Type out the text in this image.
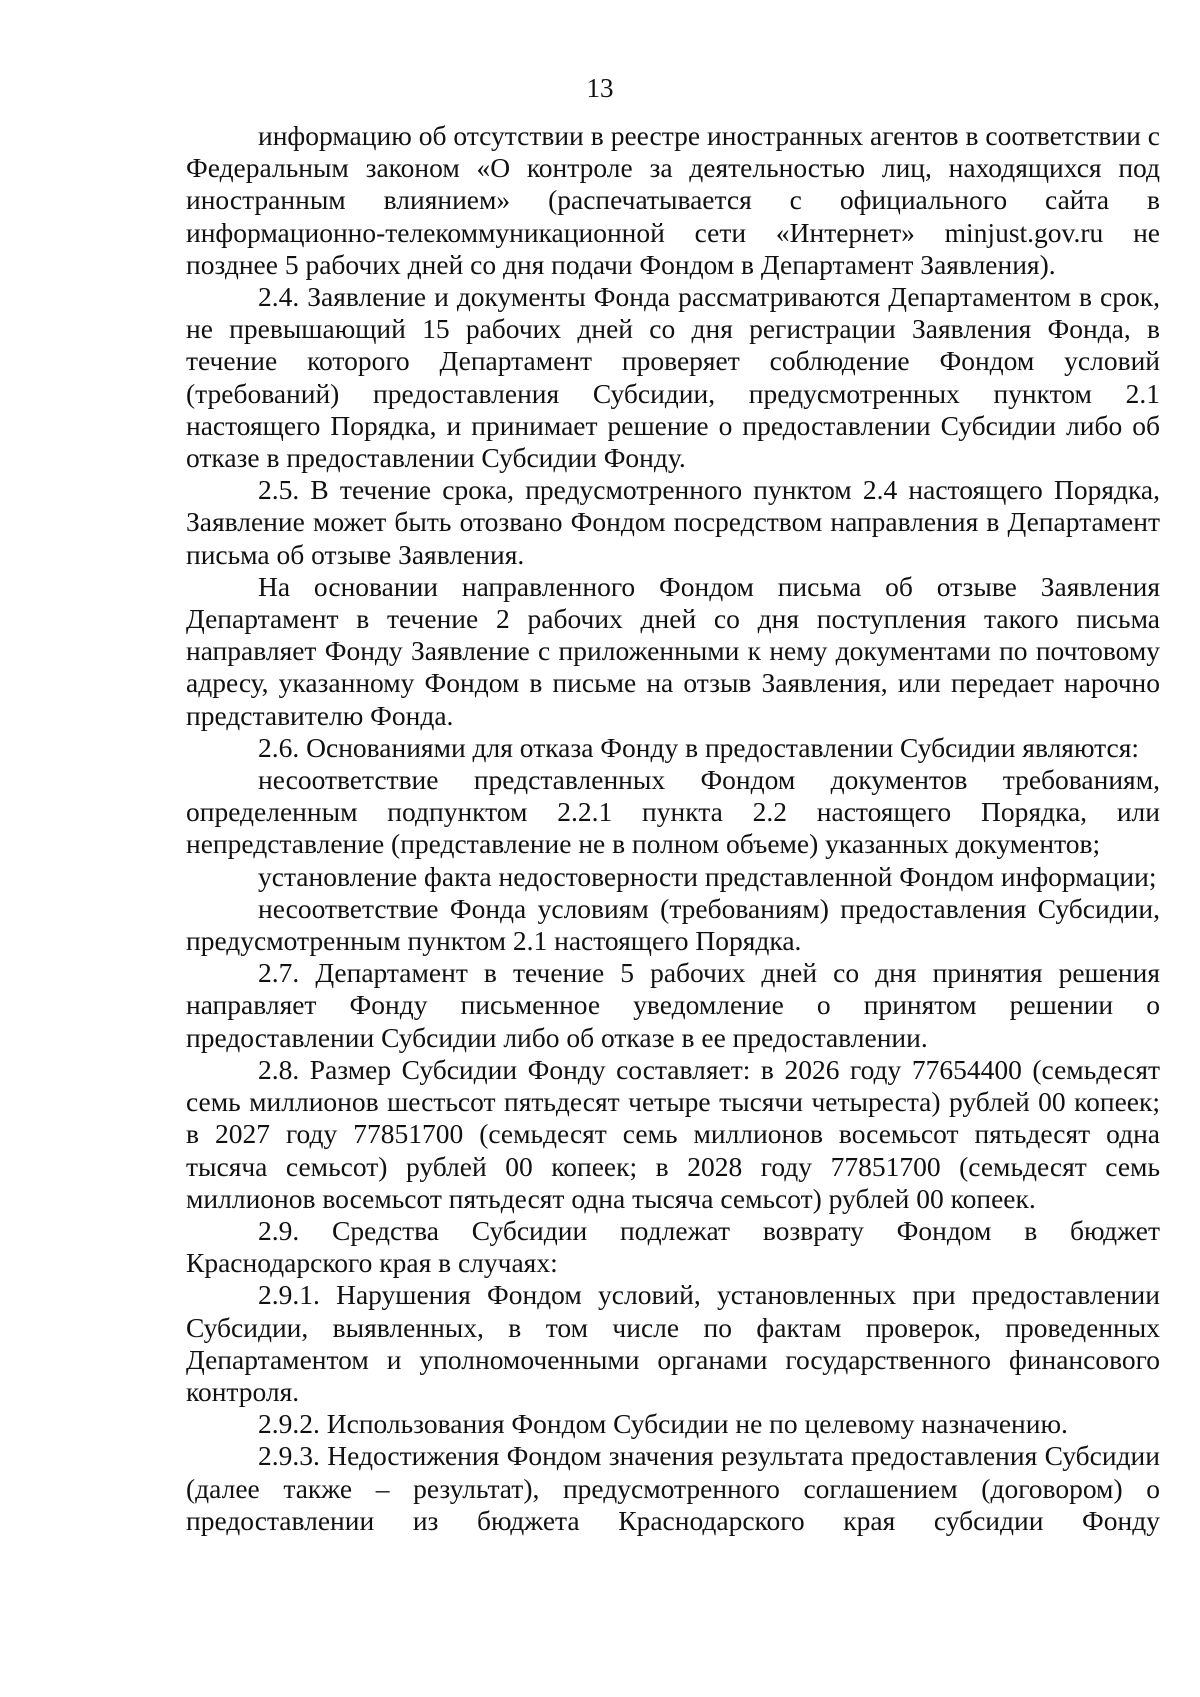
13

информацию об отсутствии в реестре иностранных агентов в соответствии с Федеральным законом «О контроле за деятельностью лиц, находящихся под иностранным влиянием» (распечатывается с официального сайта в информационно-телекоммуникационной сети «Интернет» minjust.gov.ru не позднее 5 рабочих дней со дня подачи Фондом в Департамент Заявления).

2.4. Заявление и документы Фонда рассматриваются Департаментом в срок, не превышающий 15 рабочих дней со дня регистрации Заявления Фонда, в течение которого Департамент проверяет соблюдение Фондом условий (требований) предоставления Субсидии, предусмотренных пунктом 2.1 настоящего Порядка, и принимает решение о предоставлении Субсидии либо об отказе в предоставлении Субсидии Фонду.

2.5. В течение срока, предусмотренного пунктом 2.4 настоящего Порядка, Заявление может быть отозвано Фондом посредством направления в Департамент письма об отзыве Заявления.

На основании направленного Фондом письма об отзыве Заявления Департамент в течение 2 рабочих дней со дня поступления такого письма направляет Фонду Заявление с приложенными к нему документами по почтовому адресу, указанному Фондом в письме на отзыв Заявления, или передает нарочно представителю Фонда.

2.6. Основаниями для отказа Фонду в предоставлении Субсидии являются:

несоответствие представленных Фондом документов требованиям, определенным подпунктом 2.2.1 пункта 2.2 настоящего Порядка, или непредставление (представление не в полном объеме) указанных документов;

установление факта недостоверности представленной Фондом информации;

несоответствие Фонда условиям (требованиям) предоставления Субсидии, предусмотренным пунктом 2.1 настоящего Порядка.

2.7. Департамент в течение 5 рабочих дней со дня принятия решения направляет Фонду письменное уведомление о принятом решении о предоставлении Субсидии либо об отказе в ее предоставлении.

2.8. Размер Субсидии Фонду составляет: в 2026 году 77654400 (семьдесят семь миллионов шестьсот пятьдесят четыре тысячи четыреста) рублей 00 копеек; в 2027 году 77851700 (семьдесят семь миллионов восемьсот пятьдесят одна тысяча семьсот) рублей 00 копеек; в 2028 году 77851700 (семьдесят семь миллионов восемьсот пятьдесят одна тысяча семьсот) рублей 00 копеек.

2.9. Средства Субсидии подлежат возврату Фондом в бюджет Краснодарского края в случаях:

2.9.1. Нарушения Фондом условий, установленных при предоставлении Субсидии, выявленных, в том числе по фактам проверок, проведенных Департаментом и уполномоченными органами государственного финансового контроля.

2.9.2. Использования Фондом Субсидии не по целевому назначению.

2.9.3. Недостижения Фондом значения результата предоставления Субсидии (далее также – результат), предусмотренного соглашением (договором) о предоставлении из бюджета Краснодарского края субсидии Фонду
